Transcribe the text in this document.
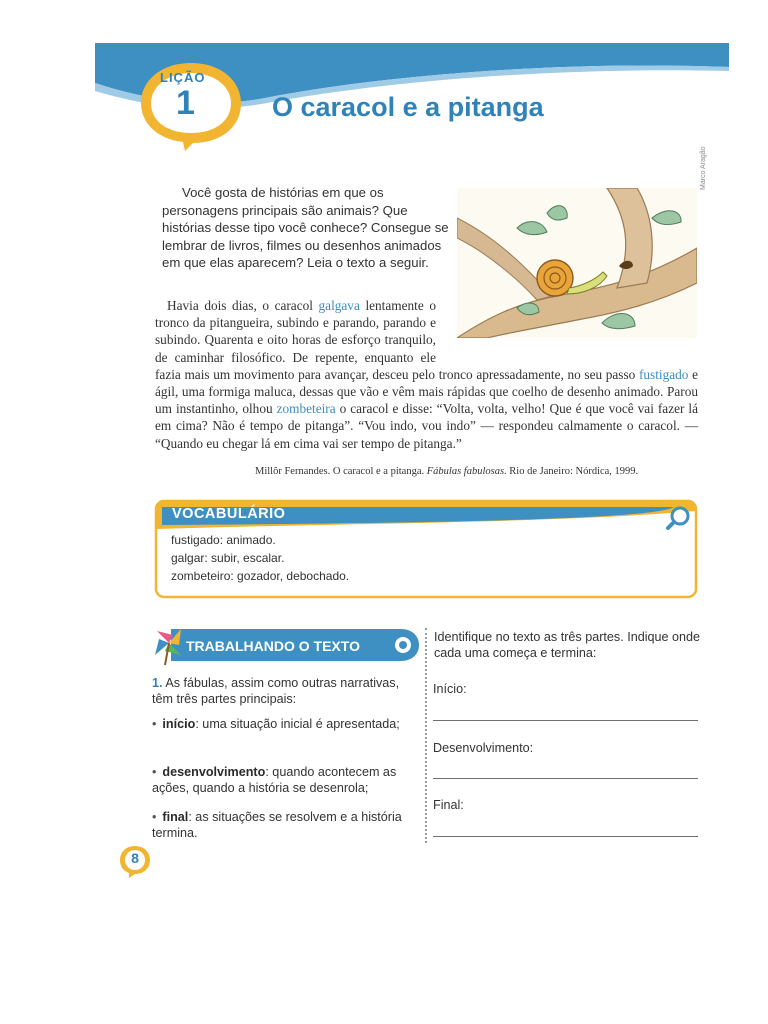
LIÇÃO
1	O caracol e a pitanga
Você gosta de histórias em que os personagens principais são animais? Que histórias desse tipo você conhece? Consegue se lembrar de livros, filmes ou desenhos animados em que elas aparecem? Leia o texto a seguir.
Marco Aragão
Havia dois dias, o caracol galgava lentamente o tronco da pitangueira, subindo e parando, parando e subindo. Quarenta e oito horas de esforço tranquilo, de caminhar filosófico. De repente, enquanto ele fazia mais um movimento para avançar, desceu pelo tronco apressadamente, no seu passo fustigado e ágil, uma formiga maluca, dessas que vão e vêm mais rápidas que coelho de desenho animado. Parou um instantinho, olhou zombeteira o caracol e disse: “Volta, volta, velho! Que é que você vai fazer lá em cima? Não é tempo de pitanga”. “Vou indo, vou indo” — respondeu calmamente o caracol. — “Quando eu chegar lá em cima vai ser tempo de pitanga.”
Millôr Fernandes. O caracol e a pitanga. Fábulas fabulosas. Rio de Janeiro: Nórdica, 1999.
VOCABULÁRIO
fustigado: animado.
galgar: subir, escalar.
zombeteiro: gozador, debochado.
TRABALHANDO O TEXTO
1. As fábulas, assim como outras narrativas, têm três partes principais:
• início: uma situação inicial é apresentada;
• desenvolvimento: quando acontecem as ações, quando a história se desenrola;
• final: as situações se resolvem e a história termina.
Identifique no texto as três partes. Indique onde cada uma começa e termina:
Início:
Desenvolvimento:
Final:
8
